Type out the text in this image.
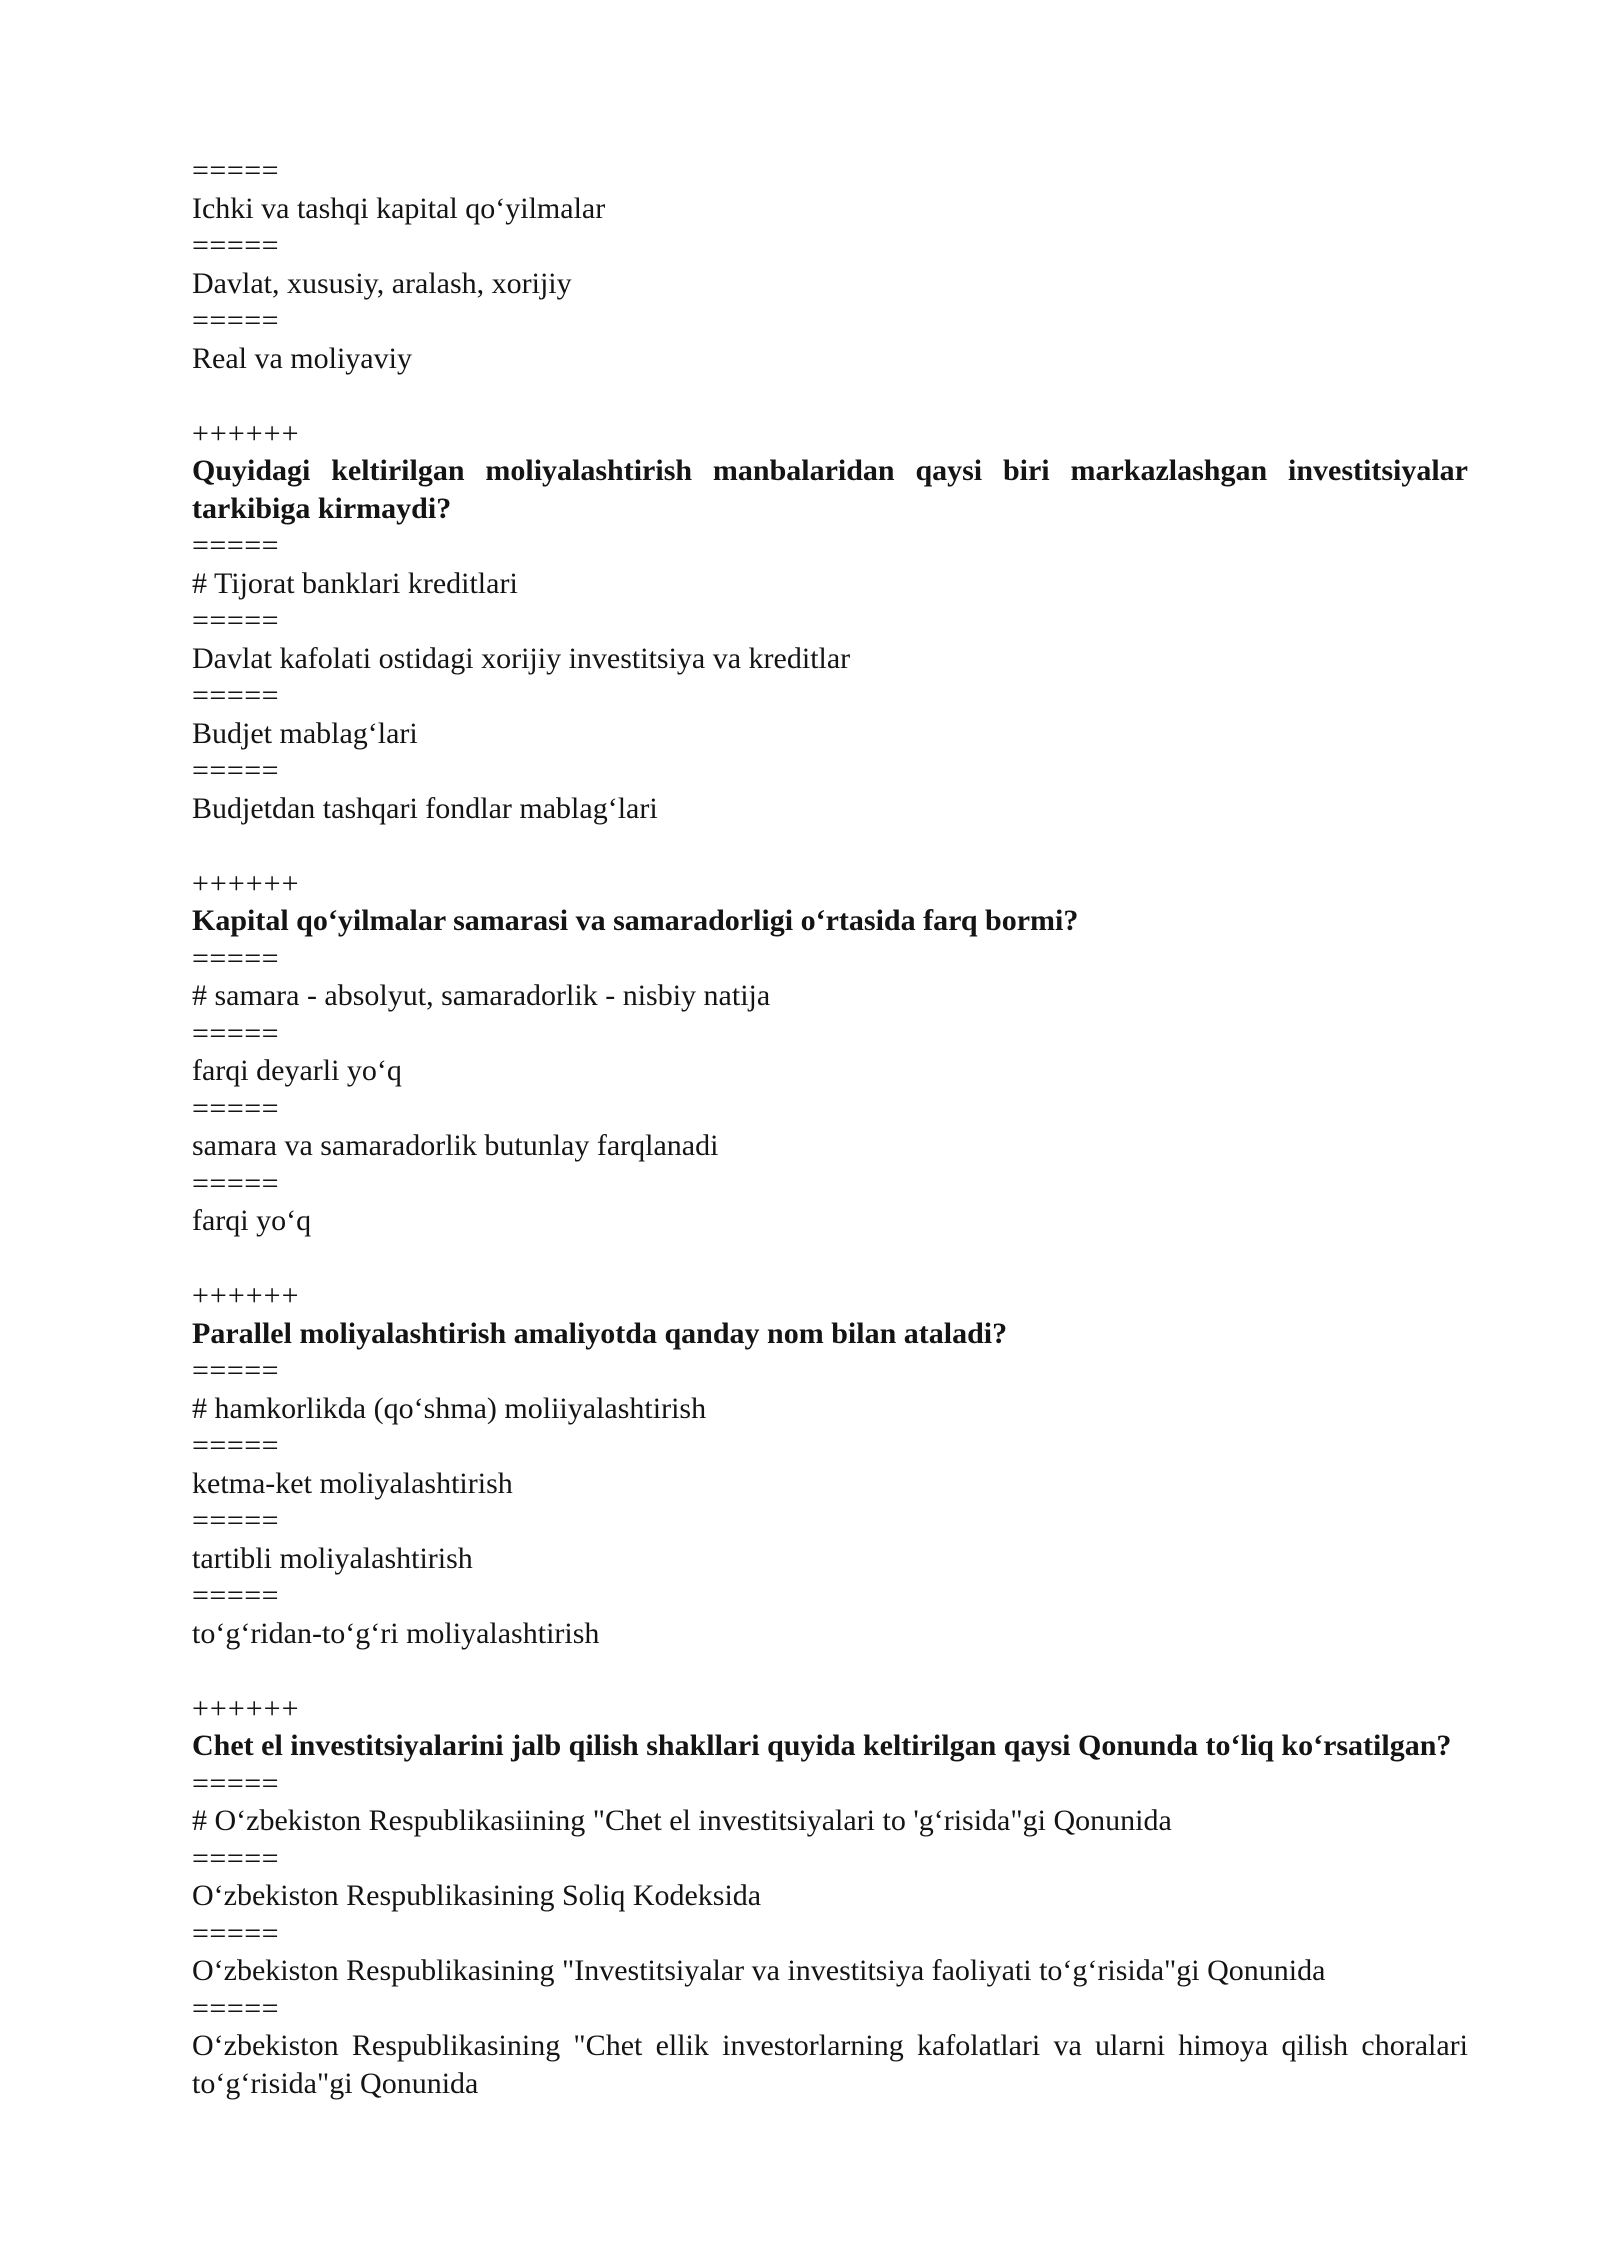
=====
Ichki va tashqi kapital qo‘yilmalar
=====
Davlat, xususiy, aralash, xorijiy
=====
Real va moliyaviy
++++++
Quyidagi keltirilgan moliyalashtirish manbalaridan qaysi biri markazlashgan investitsiyalar tarkibiga kirmaydi?
=====
# Tijorat banklari kreditlari
=====
Davlat kafolati ostidagi xorijiy investitsiya va kreditlar
=====
Budjet mablag‘lari
=====
Budjetdan tashqari fondlar mablag‘lari
++++++
Kapital qo‘yilmalar samarasi va samaradorligi o‘rtasida farq bormi?
=====
# samara - absolyut, samaradorlik - nisbiy natija
=====
farqi deyarli yo‘q
=====
samara va samaradorlik butunlay farqlanadi
=====
farqi yo‘q
++++++
Parallel moliyalashtirish amaliyotda qanday nom bilan ataladi?
=====
# hamkorlikda (qo‘shma) moliiyalashtirish
=====
ketma-ket moliyalashtirish
=====
tartibli moliyalashtirish
=====
to‘g‘ridan-to‘g‘ri moliyalashtirish
++++++
Chet el investitsiyalarini jalb qilish shakllari quyida keltirilgan qaysi Qonunda to‘liq ko‘rsatilgan?
=====
# O‘zbekiston Respublikasiining "Chet el investitsiyalari to 'g‘risida"gi Qonunida
=====
O‘zbekiston Respublikasining Soliq Kodeksida
=====
O‘zbekiston Respublikasining "Investitsiyalar va investitsiya faoliyati to‘g‘risida"gi Qonunida
=====
O‘zbekiston Respublikasining "Chet ellik investorlarning kafolatlari va ularni himoya qilish choralari to‘g‘risida"gi Qonunida
